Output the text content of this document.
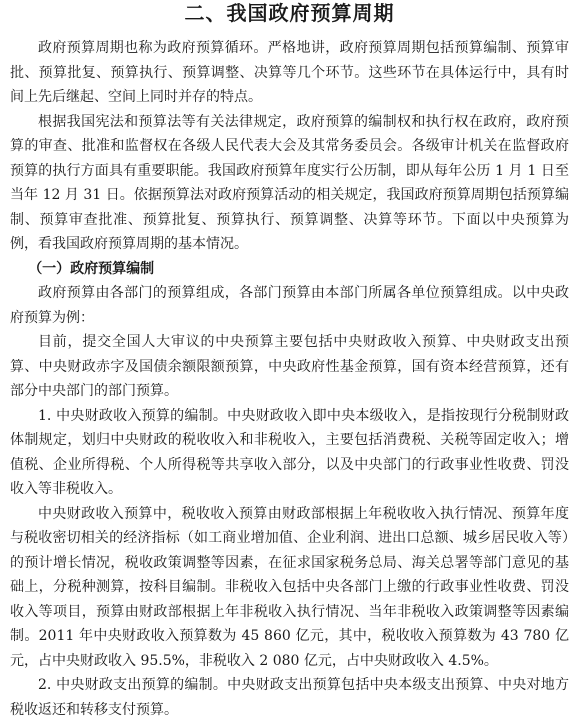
二、我国政府预算周期

政府预算周期也称为政府预算循环。严格地讲，政府预算周期包括预算编制、预算审批、预算批复、预算执行、预算调整、决算等几个环节。这些环节在具体运行中，具有时间上先后继起、空间上同时并存的特点。

根据我国宪法和预算法等有关法律规定，政府预算的编制权和执行权在政府，政府预算的审查、批准和监督权在各级人民代表大会及其常务委员会。各级审计机关在监督政府预算的执行方面具有重要职能。我国政府预算年度实行公历制，即从每年公历 1 月 1 日至当年 12 月 31 日。依据预算法对政府预算活动的相关规定，我国政府预算周期包括预算编制、预算审查批准、预算批复、预算执行、预算调整、决算等环节。下面以中央预算为例，看我国政府预算周期的基本情况。

（一）政府预算编制

政府预算由各部门的预算组成，各部门预算由本部门所属各单位预算组成。以中央政府预算为例：

目前，提交全国人大审议的中央预算主要包括中央财政收入预算、中央财政支出预算、中央财政赤字及国债余额限额预算，中央政府性基金预算，国有资本经营预算，还有部分中央部门的部门预算。

1. 中央财政收入预算的编制。中央财政收入即中央本级收入，是指按现行分税制财政体制规定，划归中央财政的税收收入和非税收入，主要包括消费税、关税等固定收入；增值税、企业所得税、个人所得税等共享收入部分，以及中央部门的行政事业性收费、罚没收入等非税收入。

中央财政收入预算中，税收收入预算由财政部根据上年税收收入执行情况、预算年度与税收密切相关的经济指标（如工商业增加值、企业利润、进出口总额、城乡居民收入等）的预计增长情况，税收政策调整等因素，在征求国家税务总局、海关总署等部门意见的基础上，分税种测算，按科目编制。非税收入包括中央各部门上缴的行政事业性收费、罚没收入等项目，预算由财政部根据上年非税收入执行情况、当年非税收入政策调整等因素编制。2011 年中央财政收入预算数为 45 860 亿元，其中，税收收入预算数为 43 780 亿元，占中央财政收入 95.5%，非税收入 2 080 亿元，占中央财政收入 4.5%。

2. 中央财政支出预算的编制。中央财政支出预算包括中央本级支出预算、中央对地方税收返还和转移支付预算。
